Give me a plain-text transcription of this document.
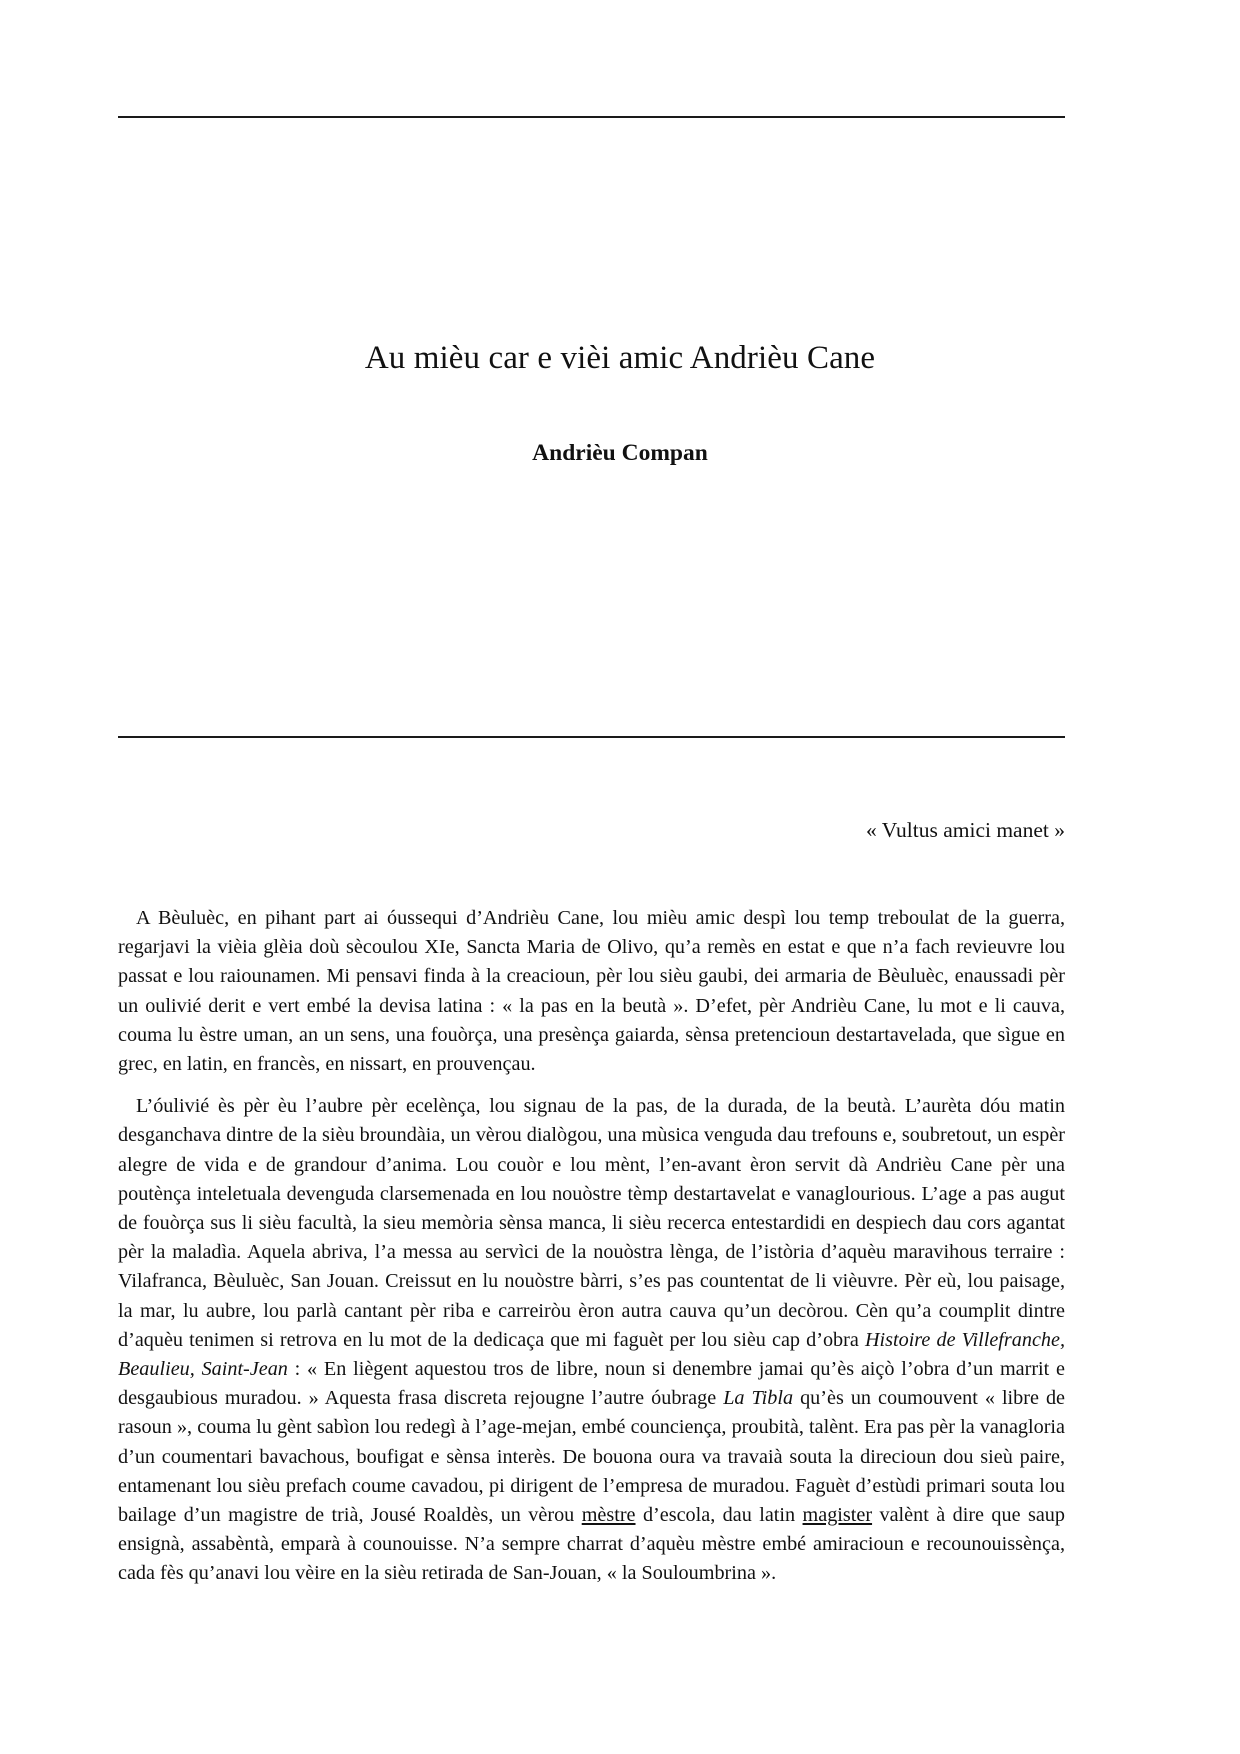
Au mièu car e vièi amic Andrièu Cane
Andrièu Compan

« Vultus amici manet »

A Bèuluèc, en pihant part ai óussequi d’Andrièu Cane, lou mièu amic despì lou temp treboulat de la guerra, regarjavi la vièia glèia doù sècoulou XIe, Sancta Maria de Olivo, qu’a remès en estat e que n’a fach revieuvre lou passat e lou raiounamen. Mi pensavi finda à la creacioun, pèr lou sièu gaubi, dei armaria de Bèuluèc, enaussadi pèr un oulivié derit e vert embé la devisa latina : « la pas en la beutà ». D’efet, pèr Andrièu Cane, lu mot e li cauva, couma lu èstre uman, an un sens, una fouòrça, una presènça gaiarda, sènsa pretencioun destartavelada, que sìgue en grec, en latin, en francès, en nissart, en prouvençau.

L’óulivié ès pèr èu l’aubre pèr ecelènça, lou signau de la pas, de la durada, de la beutà. L’aurèta dóu matin desganchava dintre de la sièu broundàia, un vèrou dialògou, una mùsica venguda dau trefouns e, soubretout, un espèr alegre de vida e de grandour d’anima. Lou couòr e lou mènt, l’en-avant èron servit dà Andrièu Cane pèr una poutènça inteletuala devenguda clarsemenada en lou nouòstre tèmp destartavelat e vanaglourious. L’age a pas augut de fouòrça sus li sièu facultà, la sieu memòria sènsa manca, li sièu recerca entestardidi en despiech dau cors agantat pèr la maladìa. Aquela abriva, l’a messa au servìci de la nouòstra lènga, de l’istòria d’aquèu maravihous terraire : Vilafranca, Bèuluèc, San Jouan. Creissut en lu nouòstre bàrri, s’es pas countentat de li vièuvre. Pèr eù, lou paisage, la mar, lu aubre, lou parlà cantant pèr riba e carreiròu èron autra cauva qu’un decòrou. Cèn qu’a coumplit dintre d’aquèu tenimen si retrova en lu mot de la dedicaça que mi faguèt per lou sièu cap d’obra Histoire de Villefranche, Beaulieu, Saint-Jean : « En liègent aquestou tros de libre, noun si denembre jamai qu’ès aiçò l’obra d’un marrit e desgaubious muradou. » Aquesta frasa discreta rejougne l’autre óubrage La Tibla qu’ès un coumouvent « libre de rasoun », couma lu gènt sabìon lou redegì à l’age-mejan, embé counciença, proubità, talènt. Era pas pèr la vanagloria d’un coumentari bavachous, boufigat e sènsa interès. De bouona oura va travaià souta la direcioun dou sieù paire, entamenant lou sièu prefach coume cavadou, pi dirigent de l’empresa de muradou. Faguèt d’estùdi primari souta lou bailage d’un magistre de trià, Jousé Roaldès, un vèrou mèstre d’escola, dau latin magister valènt à dire que saup ensignà, assabèntà, emparà à counouisse. N’a sempre charrat d’aquèu mèstre embé amiracioun e recounouissènça, cada fès qu’anavi lou vèire en la sièu retirada de San-Jouan, « la Souloumbrina ».
